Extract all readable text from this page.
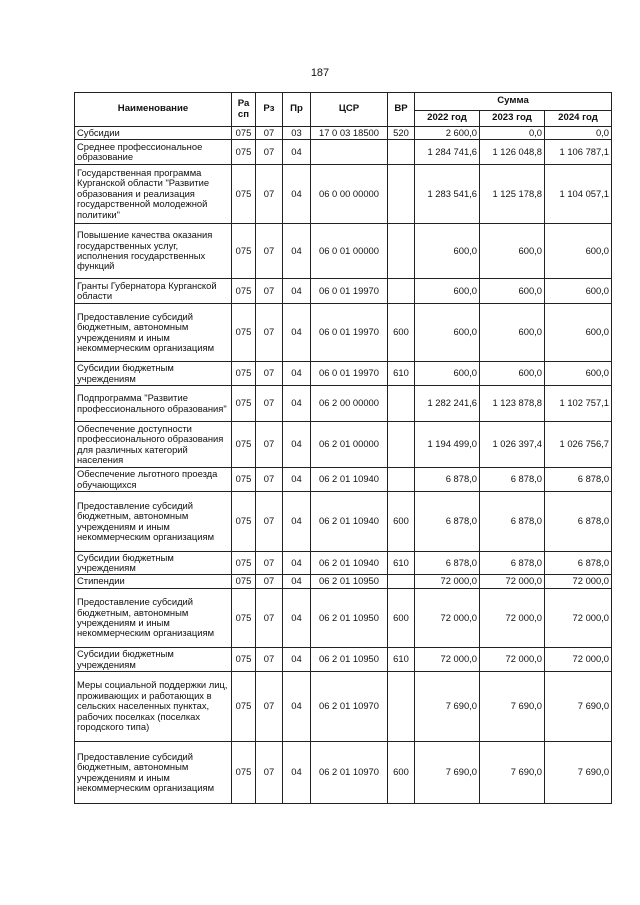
187
Наименование	Ра сп	Рз	Пр	ЦСР	ВР	Сумма		
						2022 год	2023 год	2024 год
Субсидии	075	07	03	17 0 03 18500	520	2 600,0	0,0	0,0
Среднее профессиональное образование	075	07	04			1 284 741,6	1 126 048,8	1 106 787,1
Государственная программа Курганской области "Развитие образования и реализация государственной молодежной политики"	075	07	04	06 0 00 00000		1 283 541,6	1 125 178,8	1 104 057,1
Повышение качества оказания государственных услуг, исполнения государственных функций	075	07	04	06 0 01 00000		600,0	600,0	600,0
Гранты Губернатора Курганской области	075	07	04	06 0 01 19970		600,0	600,0	600,0
Предоставление субсидий бюджетным, автономным учреждениям и иным некоммерческим организациям	075	07	04	06 0 01 19970	600	600,0	600,0	600,0
Субсидии бюджетным учреждениям	075	07	04	06 0 01 19970	610	600,0	600,0	600,0
Подпрограмма "Развитие профессионального образования"	075	07	04	06 2 00 00000		1 282 241,6	1 123 878,8	1 102 757,1
Обеспечение доступности профессионального образования для различных категорий населения	075	07	04	06 2 01 00000		1 194 499,0	1 026 397,4	1 026 756,7
Обеспечение льготного проезда обучающихся	075	07	04	06 2 01 10940		6 878,0	6 878,0	6 878,0
Предоставление субсидий бюджетным, автономным учреждениям и иным некоммерческим организациям	075	07	04	06 2 01 10940	600	6 878,0	6 878,0	6 878,0
Субсидии бюджетным учреждениям	075	07	04	06 2 01 10940	610	6 878,0	6 878,0	6 878,0
Стипендии	075	07	04	06 2 01 10950		72 000,0	72 000,0	72 000,0
Предоставление субсидий бюджетным, автономным учреждениям и иным некоммерческим организациям	075	07	04	06 2 01 10950	600	72 000,0	72 000,0	72 000,0
Субсидии бюджетным учреждениям	075	07	04	06 2 01 10950	610	72 000,0	72 000,0	72 000,0
Меры социальной поддержки лиц, проживающих и работающих в сельских населенных пунктах, рабочих поселках (поселках городского типа)	075	07	04	06 2 01 10970		7 690,0	7 690,0	7 690,0
Предоставление субсидий бюджетным, автономным учреждениям и иным некоммерческим организациям	075	07	04	06 2 01 10970	600	7 690,0	7 690,0	7 690,0
